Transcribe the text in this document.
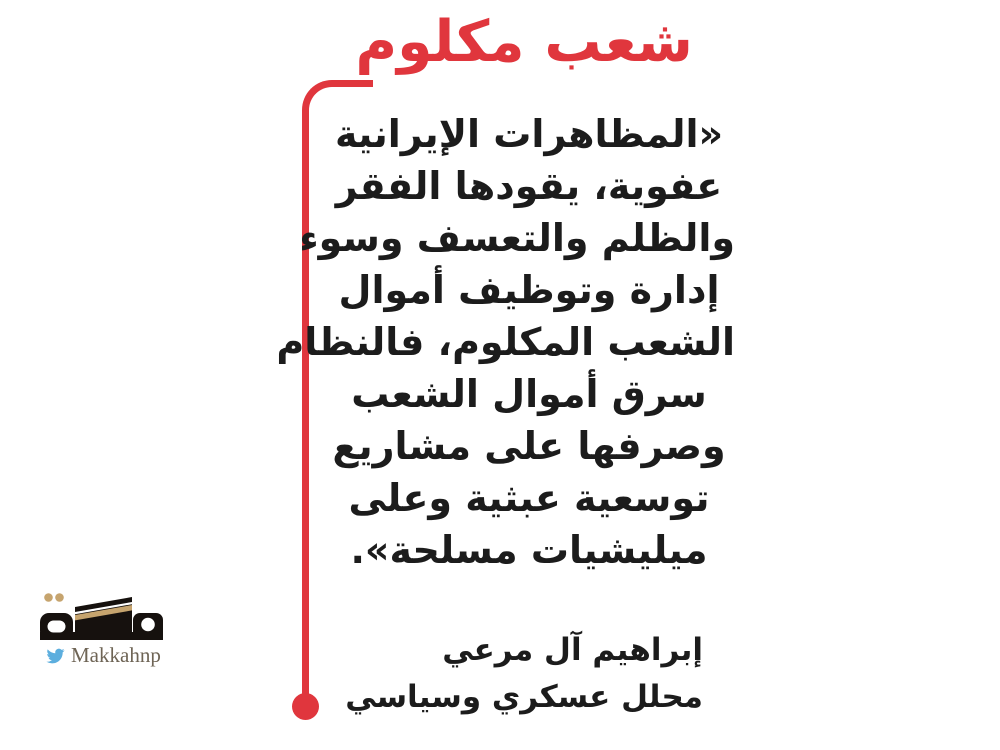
شعب مكلوم
«المظاهرات الإيرانية
عفوية، يقودها الفقر
والظلم والتعسف وسوء
إدارة وتوظيف أموال
الشعب المكلوم، فالنظام
سرق أموال الشعب
وصرفها على مشاريع
توسعية عبثية وعلى
ميليشيات مسلحة».
إبراهيم آل مرعي
محلل عسكري وسياسي
Makkahnp
